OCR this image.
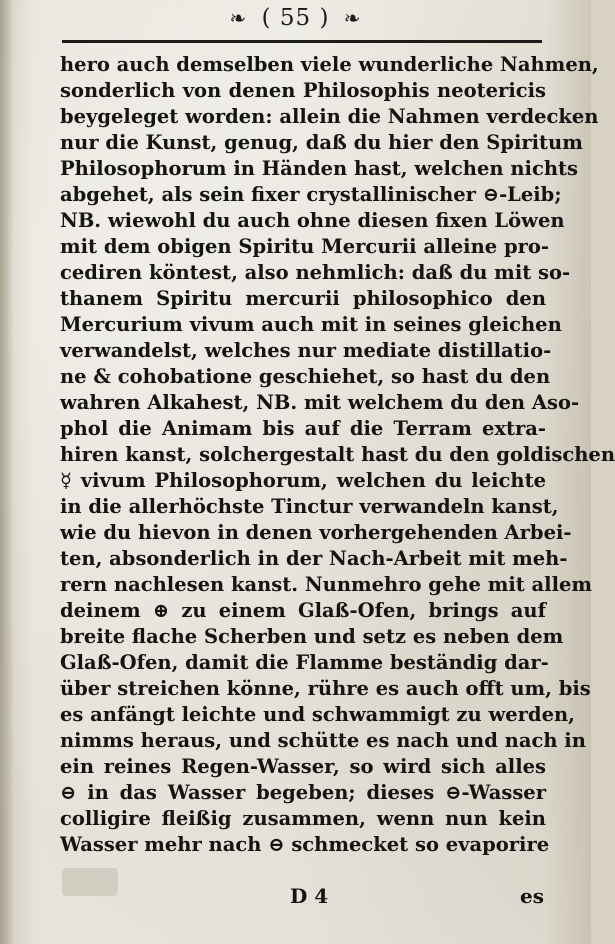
❧ ( 55 ) ❧
hero auch demselben viele wunderliche Nahmen,
sonderlich von denen Philosophis neotericis
beygeleget worden: allein die Nahmen verdecken
nur die Kunst, genug, daß du hier den Spiritum
Philosophorum in Händen hast, welchen nichts
abgehet, als sein fixer crystallinischer ⊖-Leib;
NB. wiewohl du auch ohne diesen fixen Löwen
mit dem obigen Spiritu Mercurii alleine pro-
cediren köntest, also nehmlich: daß du mit so-
thanem Spiritu mercurii philosophico den
Mercurium vivum auch mit in seines gleichen
verwandelst, welches nur mediate distillatio-
ne & cohobatione geschiehet, so hast du den
wahren Alkahest, NB. mit welchem du den Aso-
phol die Animam bis auf die Terram extra-
hiren kanst, solchergestalt hast du den goldischen
☿ vivum Philosophorum, welchen du leichte
in die allerhöchste Tinctur verwandeln kanst,
wie du hievon in denen vorhergehenden Arbei-
ten, absonderlich in der Nach-Arbeit mit meh-
rern nachlesen kanst. Nunmehro gehe mit allem
deinem ⊕ zu einem Glaß-Ofen, brings auf
breite flache Scherben und setz es neben dem
Glaß-Ofen, damit die Flamme beständig dar-
über streichen könne, rühre es auch offt um, bis
es anfängt leichte und schwammigt zu werden,
nimms heraus, und schütte es nach und nach in
ein reines Regen-Wasser, so wird sich alles
⊖ in das Wasser begeben; dieses ⊖-Wasser
colligire fleißig zusammen, wenn nun kein
Wasser mehr nach ⊖ schmecket so evaporire
D 4	es
